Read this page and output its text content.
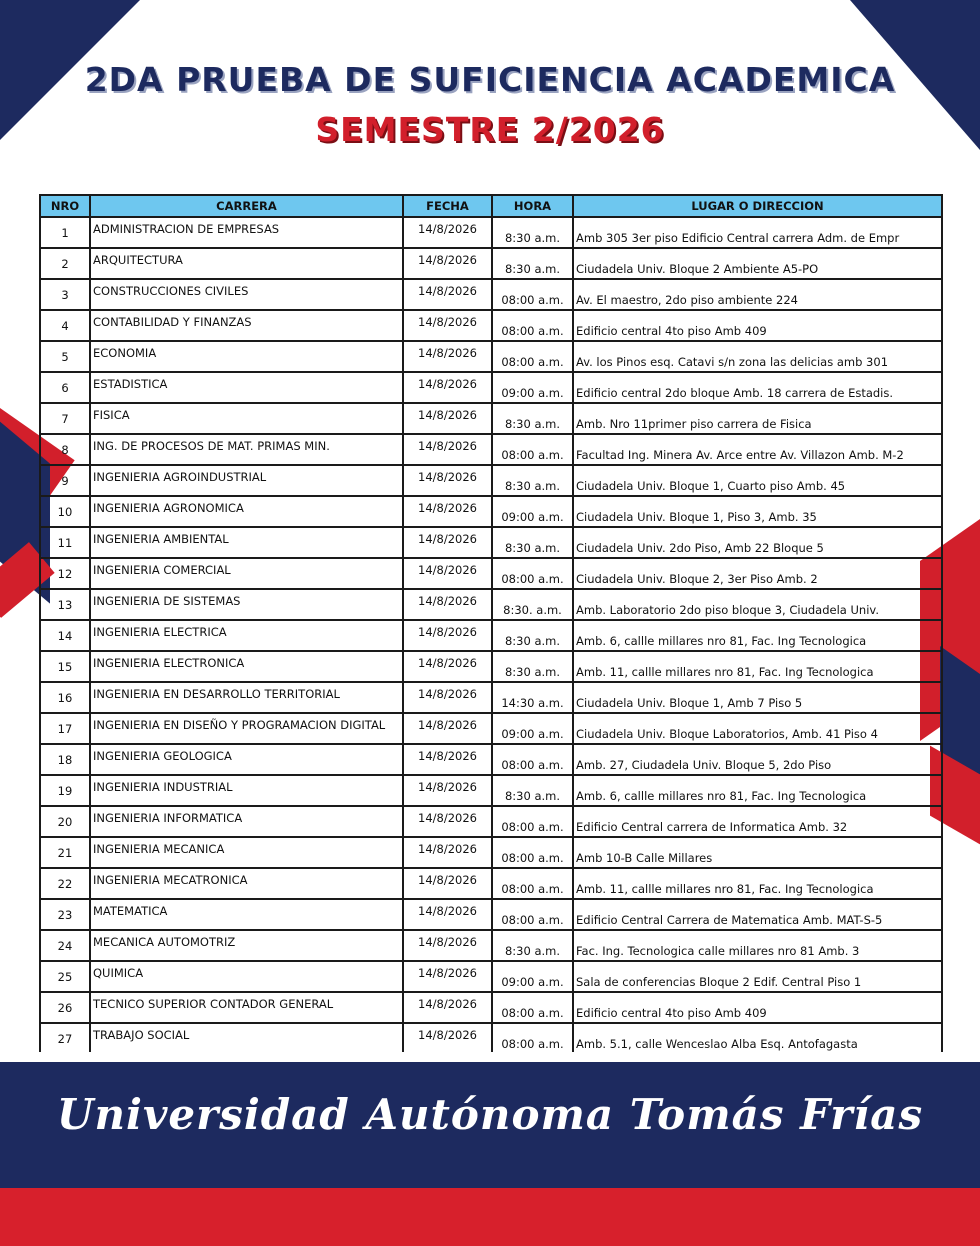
2DA PRUEBA DE SUFICIENCIA ACADEMICA
SEMESTRE 2/2026
NRO	CARRERA	FECHA	HORA	LUGAR O DIRECCION
1	ADMINISTRACION DE EMPRESAS	14/8/2026	8:30 a.m.	Amb 305 3er piso Edificio Central carrera Adm. de Empr
2	ARQUITECTURA	14/8/2026	8:30 a.m.	Ciudadela Univ. Bloque 2 Ambiente A5-PO
3	CONSTRUCCIONES CIVILES	14/8/2026	08:00 a.m.	Av. El maestro, 2do piso ambiente 224
4	CONTABILIDAD Y FINANZAS	14/8/2026	08:00 a.m.	Edificio central 4to piso Amb 409
5	ECONOMIA	14/8/2026	08:00 a.m.	Av. los Pinos esq. Catavi s/n zona las delicias amb 301
6	ESTADISTICA	14/8/2026	09:00 a.m.	Edificio central 2do bloque Amb. 18 carrera de Estadis.
7	FISICA	14/8/2026	8:30 a.m.	Amb. Nro 11primer piso carrera de Fisica
8	ING. DE PROCESOS DE MAT. PRIMAS MIN.	14/8/2026	08:00 a.m.	Facultad Ing. Minera Av. Arce entre Av. Villazon Amb. M-2
9	INGENIERIA AGROINDUSTRIAL	14/8/2026	8:30 a.m.	Ciudadela Univ. Bloque 1, Cuarto piso Amb. 45
10	INGENIERIA AGRONOMICA	14/8/2026	09:00 a.m.	Ciudadela Univ. Bloque 1, Piso 3, Amb. 35
11	INGENIERIA AMBIENTAL	14/8/2026	8:30 a.m.	Ciudadela Univ. 2do Piso, Amb 22 Bloque 5
12	INGENIERIA COMERCIAL	14/8/2026	08:00 a.m.	Ciudadela Univ. Bloque 2, 3er Piso Amb. 2
13	INGENIERIA DE SISTEMAS	14/8/2026	8:30. a.m.	Amb. Laboratorio 2do piso bloque 3, Ciudadela Univ.
14	INGENIERIA ELECTRICA	14/8/2026	8:30 a.m.	Amb. 6, callle millares nro 81, Fac. Ing Tecnologica
15	INGENIERIA ELECTRONICA	14/8/2026	8:30 a.m.	Amb. 11, callle millares nro 81, Fac. Ing Tecnologica
16	INGENIERIA EN DESARROLLO TERRITORIAL	14/8/2026	14:30 a.m.	Ciudadela Univ. Bloque 1, Amb 7 Piso 5
17	INGENIERIA EN DISEÑO Y PROGRAMACION DIGITAL	14/8/2026	09:00 a.m.	Ciudadela Univ. Bloque Laboratorios, Amb. 41 Piso 4
18	INGENIERIA GEOLOGICA	14/8/2026	08:00 a.m.	Amb. 27, Ciudadela Univ. Bloque 5, 2do Piso
19	INGENIERIA INDUSTRIAL	14/8/2026	8:30 a.m.	Amb. 6, callle millares nro 81, Fac. Ing Tecnologica
20	INGENIERIA INFORMATICA	14/8/2026	08:00 a.m.	Edificio Central carrera de Informatica Amb. 32
21	INGENIERIA MECANICA	14/8/2026	08:00 a.m.	Amb 10-B Calle Millares
22	INGENIERIA MECATRONICA	14/8/2026	08:00 a.m.	Amb. 11, callle millares nro 81, Fac. Ing Tecnologica
23	MATEMATICA	14/8/2026	08:00 a.m.	Edificio Central Carrera de Matematica Amb. MAT-S-5
24	MECANICA AUTOMOTRIZ	14/8/2026	8:30 a.m.	Fac. Ing. Tecnologica calle millares nro 81 Amb. 3
25	QUIMICA	14/8/2026	09:00 a.m.	Sala de conferencias Bloque 2 Edif. Central Piso 1
26	TECNICO SUPERIOR CONTADOR GENERAL	14/8/2026	08:00 a.m.	Edificio central 4to piso Amb 409
27	TRABAJO SOCIAL	14/8/2026	08:00 a.m.	Amb. 5.1, calle Wenceslao Alba Esq. Antofagasta

Universidad Autónoma Tomás Frías
